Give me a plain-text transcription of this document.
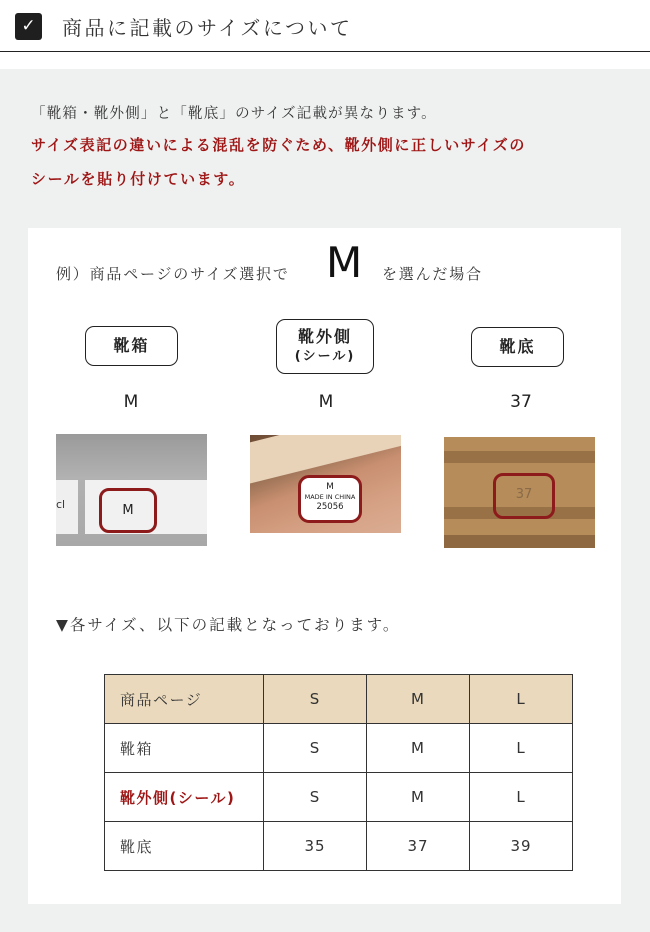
✓	商品に記載のサイズについて
「靴箱・靴外側」と「靴底」のサイズ記載が異なります。
サイズ表記の違いによる混乱を防ぐため、靴外側に正しいサイズの
シールを貼り付けています。
例）商品ページのサイズ選択で M を選んだ場合
靴箱	靴外側
(シール)
靴底
M	M	37
cl	M
M
MADE IN CHINA
25056
37
▼各サイズ、以下の記載となっております。
商品ページ	S	M	L
靴箱	S	M	L
靴外側(シール)	S	M	L
靴底	35	37	39
